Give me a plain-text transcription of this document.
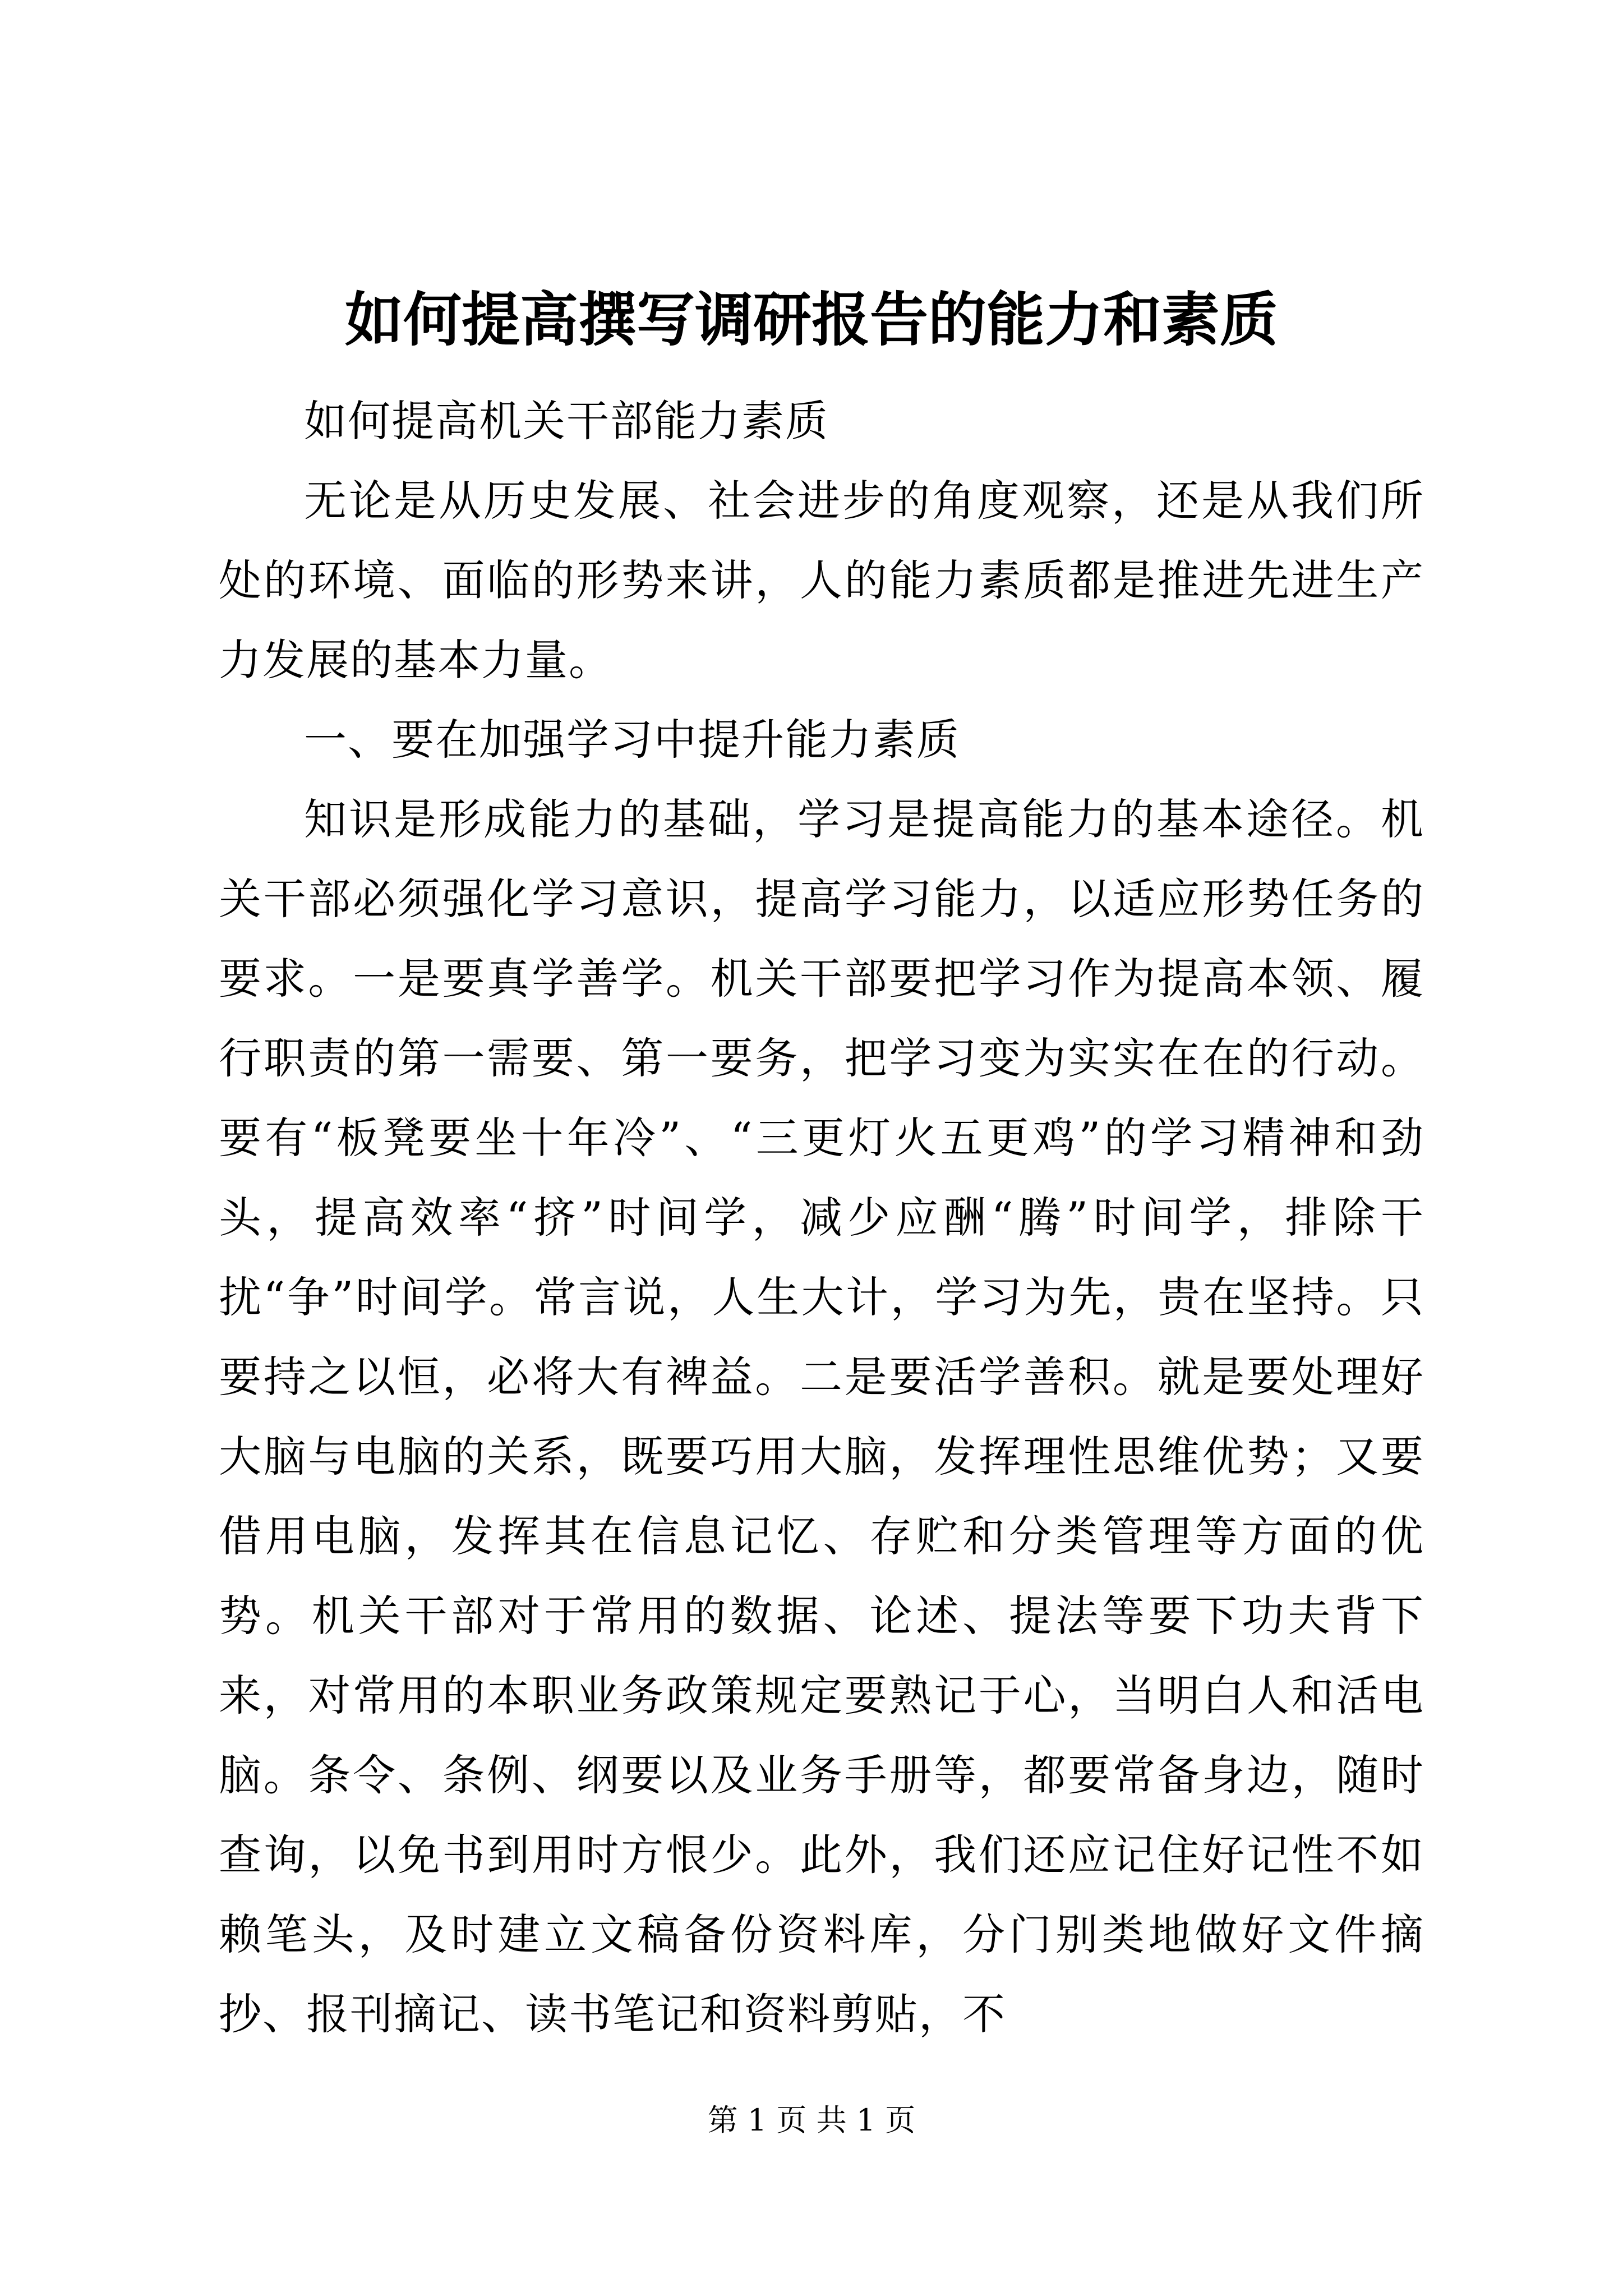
如何提高撰写调研报告的能力和素质

如何提高机关干部能力素质

无论是从历史发展、社会进步的角度观察，还是从我们所处的环境、面临的形势来讲，人的能力素质都是推进先进生产力发展的基本力量。

一、要在加强学习中提升能力素质

知识是形成能力的基础，学习是提高能力的基本途径。机关干部必须强化学习意识，提高学习能力，以适应形势任务的要求。一是要真学善学。机关干部要把学习作为提高本领、履行职责的第一需要、第一要务，把学习变为实实在在的行动。要有“板凳要坐十年冷”、“三更灯火五更鸡”的学习精神和劲头，提高效率“挤”时间学，减少应酬“腾”时间学，排除干扰“争”时间学。常言说，人生大计，学习为先，贵在坚持。只要持之以恒，必将大有裨益。二是要活学善积。就是要处理好大脑与电脑的关系，既要巧用大脑，发挥理性思维优势；又要借用电脑，发挥其在信息记忆、存贮和分类管理等方面的优势。机关干部对于常用的数据、论述、提法等要下功夫背下来，对常用的本职业务政策规定要熟记于心，当明白人和活电脑。条令、条例、纲要以及业务手册等，都要常备身边，随时查询，以免书到用时方恨少。此外，我们还应记住好记性不如赖笔头，及时建立文稿备份资料库，分门别类地做好文件摘抄、报刊摘记、读书笔记和资料剪贴，不

第 1 页 共 1 页
